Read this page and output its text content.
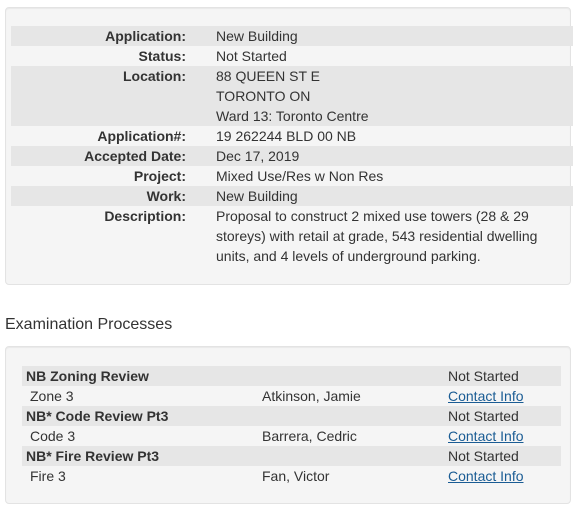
Application:	New Building
Status:	Not Started
Location:	88 QUEEN ST E
TORONTO ON
Ward 13: Toronto Centre

Application#:	19 262244 BLD 00 NB
Accepted Date:	Dec 17, 2019
Project:	Mixed Use/Res w Non Res
Work:	New Building
Description:	Proposal to construct 2 mixed use towers (28 & 29 storeys) with retail at grade, 543 residential dwelling units, and 4 levels of underground parking.
Examination Processes
NB Zoning Review		Not Started
Zone 3	Atkinson, Jamie	Contact Info
NB* Code Review Pt3		Not Started
Code 3	Barrera, Cedric	Contact Info
NB* Fire Review Pt3		Not Started
Fire 3	Fan, Victor	Contact Info
